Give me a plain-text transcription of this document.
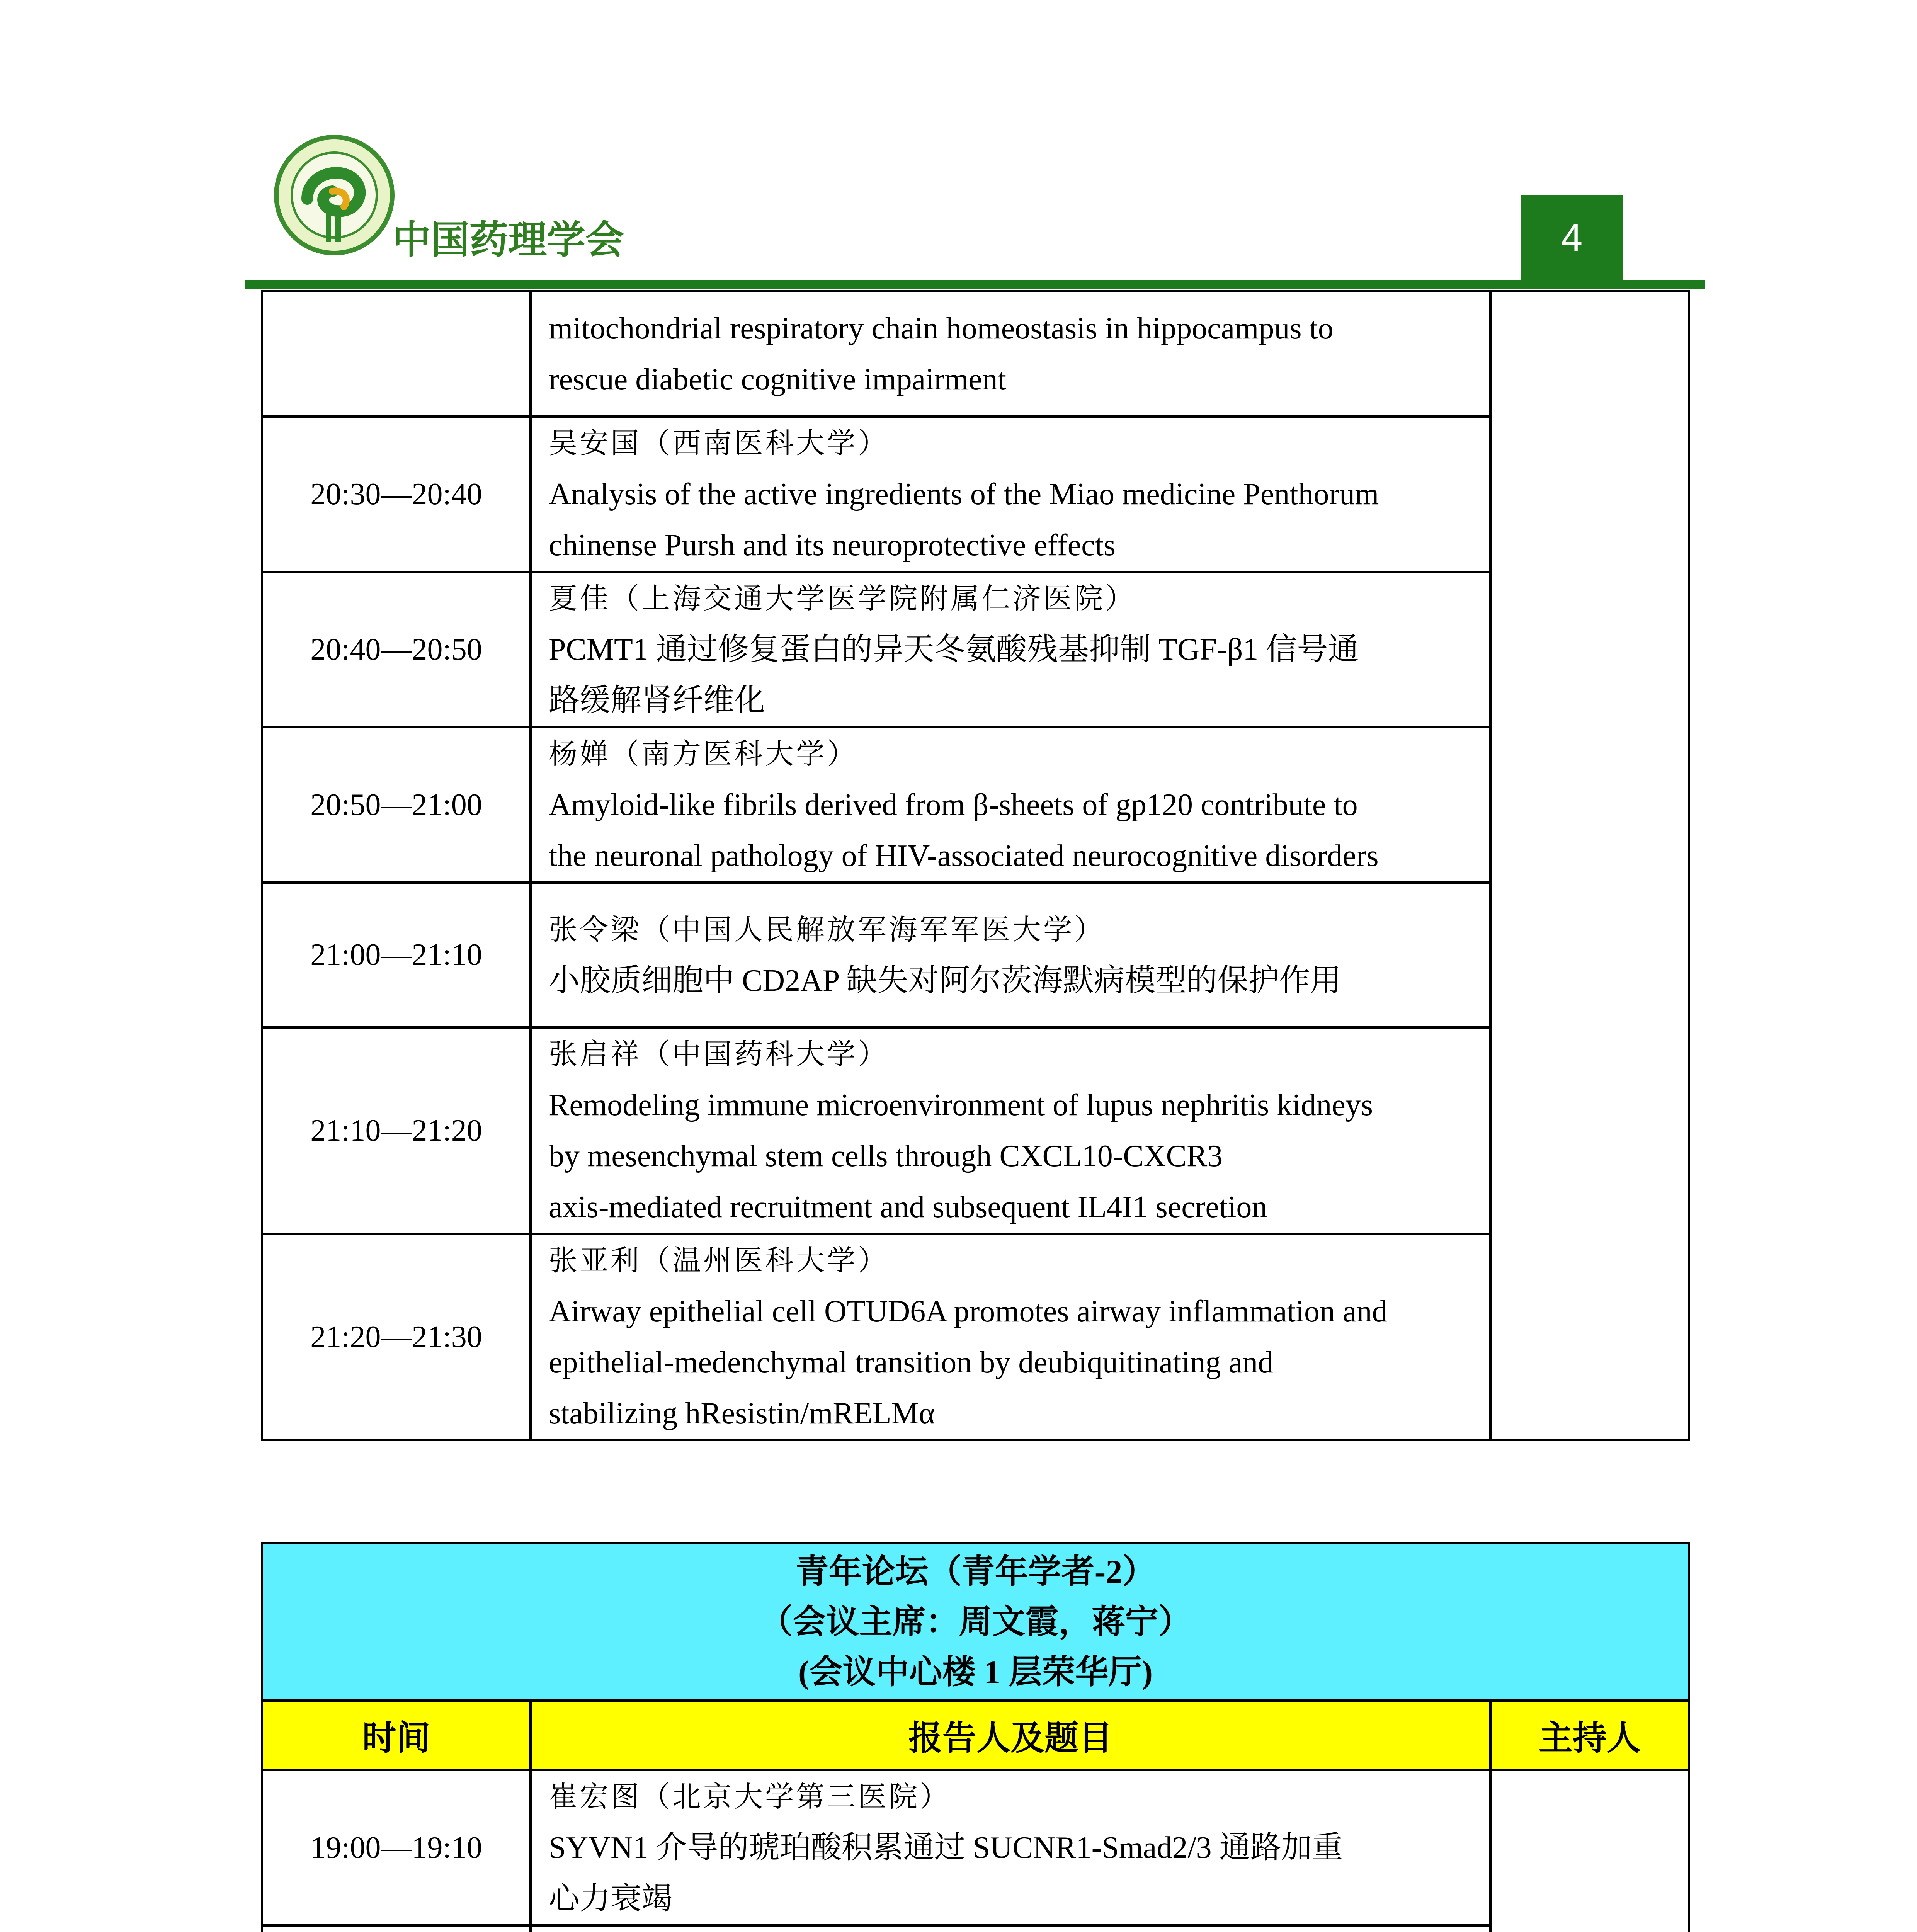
中国药理学会	4

	mitochondrial respiratory chain homeostasis in hippocampus to
rescue diabetic cognitive impairment	

20:30—20:40	吴安国（西南医科大学）
Analysis of the active ingredients of the Miao medicine Penthorum
chinense Pursh and its neuroprotective effects	

20:40—20:50	夏佳（上海交通大学医学院附属仁济医院）
PCMT1 通过修复蛋白的异天冬氨酸残基抑制 TGF-β1 信号通
路缓解肾纤维化	

20:50—21:00	杨婵（南方医科大学）
Amyloid-like fibrils derived from β-sheets of gp120 contribute to
the neuronal pathology of HIV-associated neurocognitive disorders	

21:00—21:10	张令梁（中国人民解放军海军军医大学）
小胶质细胞中 CD2AP 缺失对阿尔茨海默病模型的保护作用	

21:10—21:20	张启祥（中国药科大学）
Remodeling immune microenvironment of lupus nephritis kidneys
by mesenchymal stem cells through CXCL10-CXCR3
axis-mediated recruitment and subsequent IL4I1 secretion	

21:20—21:30	张亚利（温州医科大学）
Airway epithelial cell OTUD6A promotes airway inflammation and
epithelial-medenchymal transition by deubiquitinating and
stabilizing hResistin/mRELMα	
青年论坛（青年学者-2）
（会议主席：周文霞，蒋宁）
(会议中心楼 1 层荣华厅)		

时间	报告人及题目	主持人
19:00—19:10	崔宏图（北京大学第三医院）
SYVN1 介导的琥珀酸积累通过 SUCNR1-Smad2/3 通路加重
心力衰竭
